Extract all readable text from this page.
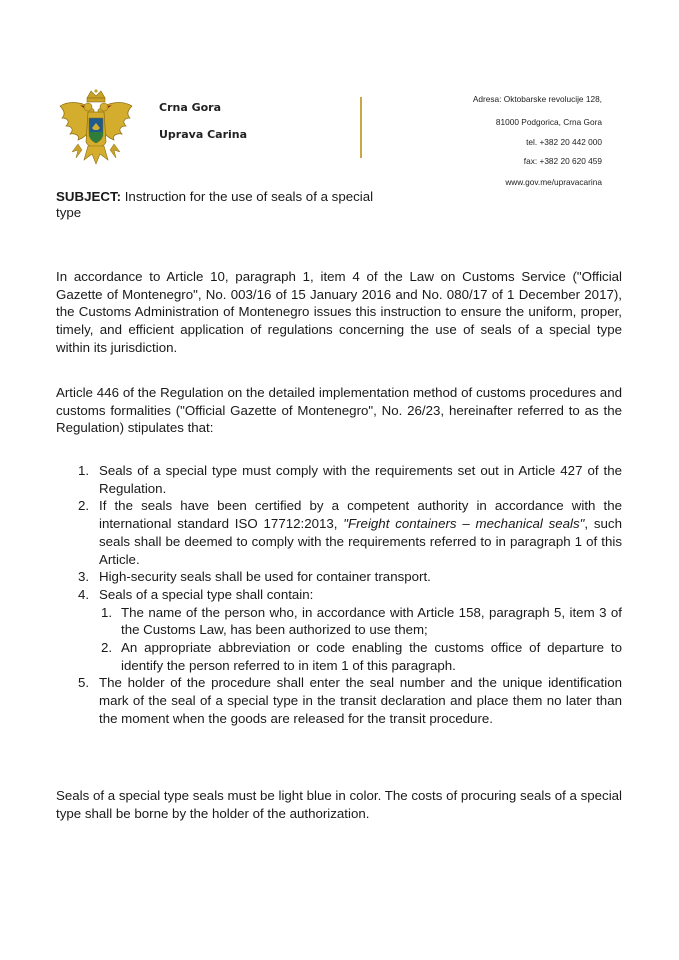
Crna Gora
Uprava Carina
Adresa: Oktobarske revolucije 128,
81000 Podgorica, Crna Gora
tel. +382 20 442 000
fax: +382 20 620 459
www.gov.me/upravacarina
SUBJECT: Instruction for the use of seals of a special type
In accordance to Article 10, paragraph 1, item 4 of the Law on Customs Service ("Official Gazette of Montenegro", No. 003/16 of 15 January 2016 and No. 080/17 of 1 December 2017), the Customs Administration of Montenegro issues this instruction to ensure the uniform, proper, timely, and efficient application of regulations concerning the use of seals of a special type within its jurisdiction.
Article 446 of the Regulation on the detailed implementation method of customs procedures and customs formalities ("Official Gazette of Montenegro", No. 26/23, hereinafter referred to as the Regulation) stipulates that:
1. Seals of a special type must comply with the requirements set out in Article 427 of the Regulation.
2. If the seals have been certified by a competent authority in accordance with the international standard ISO 17712:2013, "Freight containers – mechanical seals", such seals shall be deemed to comply with the requirements referred to in paragraph 1 of this Article.
3. High-security seals shall be used for container transport.
4. Seals of a special type shall contain:
1. The name of the person who, in accordance with Article 158, paragraph 5, item 3 of the Customs Law, has been authorized to use them;
2. An appropriate abbreviation or code enabling the customs office of departure to identify the person referred to in item 1 of this paragraph.
5. The holder of the procedure shall enter the seal number and the unique identification mark of the seal of a special type in the transit declaration and place them no later than the moment when the goods are released for the transit procedure.
Seals of a special type seals must be light blue in color. The costs of procuring seals of a special type shall be borne by the holder of the authorization.
